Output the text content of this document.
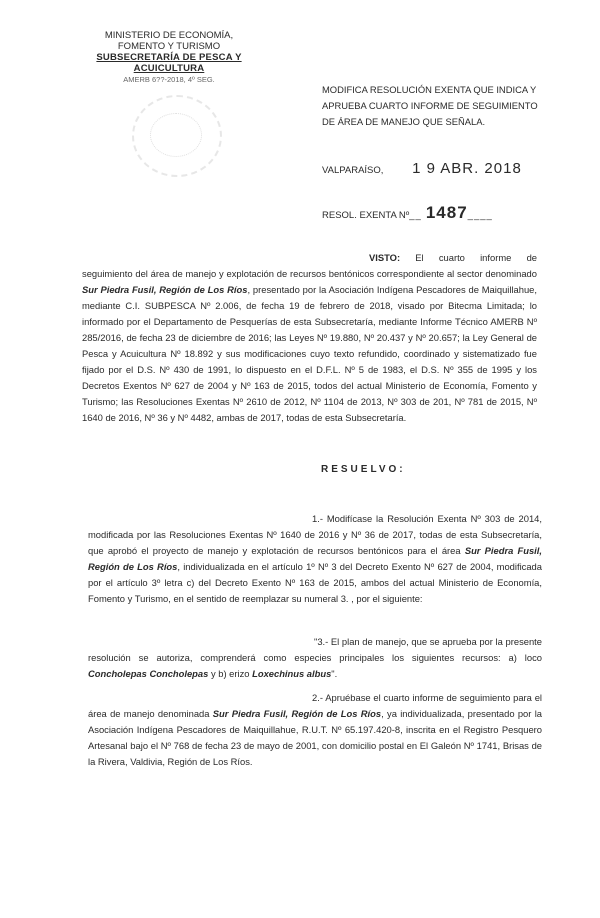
MINISTERIO DE ECONOMÍA,
FOMENTO Y TURISMO
SUBSECRETARÍA DE PESCA Y ACUICULTURA
AMERB 6??-2018, 4º SEG.
MODIFICA RESOLUCIÓN EXENTA QUE INDICA Y APRUEBA CUARTO INFORME DE SEGUIMIENTO DE ÁREA DE MANEJO QUE SEÑALA.
VALPARAÍSO, 1 9 ABR. 2018
RESOL. EXENTA Nº__ 1487____
VISTO: El cuarto informe de seguimiento del área de manejo y explotación de recursos bentónicos correspondiente al sector denominado Sur Piedra Fusil, Región de Los Ríos, presentado por la Asociación Indígena Pescadores de Maiquillahue, mediante C.I. SUBPESCA Nº 2.006, de fecha 19 de febrero de 2018, visado por Bitecma Limitada; lo informado por el Departamento de Pesquerías de esta Subsecretaría, mediante Informe Técnico AMERB Nº 285/2016, de fecha 23 de diciembre de 2016; las Leyes Nº 19.880, Nº 20.437 y Nº 20.657; la Ley General de Pesca y Acuicultura Nº 18.892 y sus modificaciones cuyo texto refundido, coordinado y sistematizado fue fijado por el D.S. Nº 430 de 1991, lo dispuesto en el D.F.L. Nº 5 de 1983, el D.S. Nº 355 de 1995 y los Decretos Exentos Nº 627 de 2004 y Nº 163 de 2015, todos del actual Ministerio de Economía, Fomento y Turismo; las Resoluciones Exentas Nº 2610 de 2012, Nº 1104 de 2013, Nº 303 de 201, Nº 781 de 2015, Nº 1640 de 2016, Nº 36 y Nº 4482, ambas de 2017, todas de esta Subsecretaría.
RESUELVO:
1.- Modifícase la Resolución Exenta Nº 303 de 2014, modificada por las Resoluciones Exentas Nº 1640 de 2016 y Nº 36 de 2017, todas de esta Subsecretaría, que aprobó el proyecto de manejo y explotación de recursos bentónicos para el área Sur Piedra Fusil, Región de Los Ríos, individualizada en el artículo 1º Nº 3 del Decreto Exento Nº 627 de 2004, modificada por el artículo 3º letra c) del Decreto Exento Nº 163 de 2015, ambos del actual Ministerio de Economía, Fomento y Turismo, en el sentido de reemplazar su numeral 3. , por el siguiente:
"3.- El plan de manejo, que se aprueba por la presente resolución se autoriza, comprenderá como especies principales los siguientes recursos: a) loco Concholepas Concholepas y b) erizo Loxechinus albus".
2.- Apruébase el cuarto informe de seguimiento para el área de manejo denominada Sur Piedra Fusil, Región de Los Ríos, ya individualizada, presentado por la Asociación Indígena Pescadores de Maiquillahue, R.U.T. Nº 65.197.420-8, inscrita en el Registro Pesquero Artesanal bajo el Nº 768 de fecha 23 de mayo de 2001, con domicilio postal en El Galeón Nº 1741, Brisas de la Rivera, Valdivia, Región de Los Ríos.
